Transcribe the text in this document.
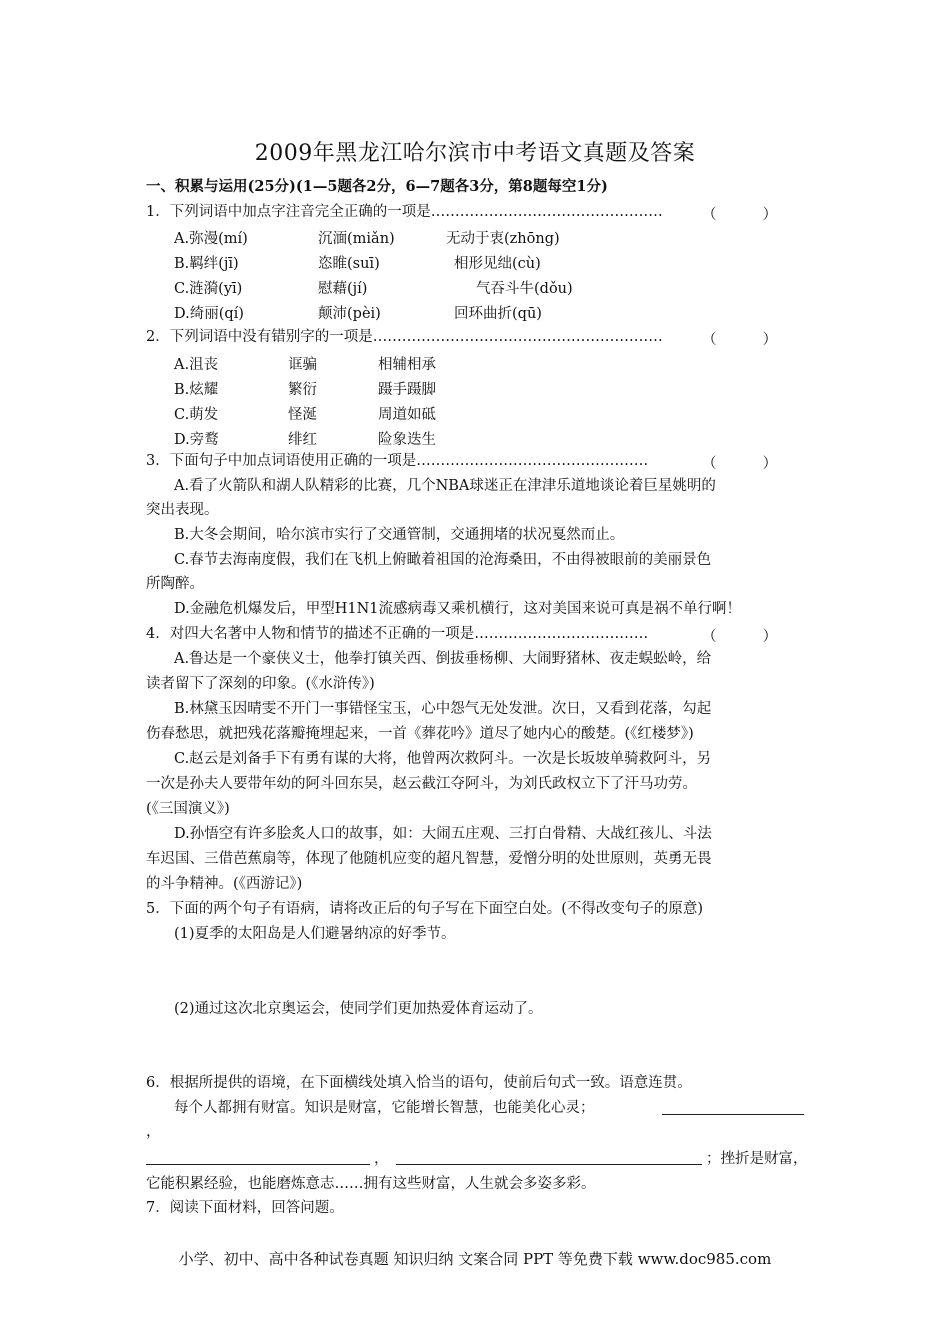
2009年黑龙江哈尔滨市中考语文真题及答案
一、积累与运用(25分)(1—5题各2分，6—7题各3分，第8题每空1分)
1．下列词语中加点字注音完全正确的一项是…………………………………………	（          ）
A.弥漫(mí)	沉湎(miǎn)	无动于衷(zhōng)
B.羁绊(jī)	恣睢(suī)	相形见绌(cù)
C.涟漪(yī)	慰藉(jí)	气吞斗牛(dǒu)
D.绮丽(qí)	颠沛(pèi)	回环曲折(qū)
2．下列词语中没有错别字的一项是……………………………………………………	（          ）
A.沮丧	诓骗	相辅相承
B.炫耀	繁衍	蹑手蹑脚
C.萌发	怪涎	周道如砥
D.旁鹜	绯红	险象迭生
3．下面句子中加点词语使用正确的一项是…………………………………………	（          ）
A.看了火箭队和湖人队精彩的比赛，几个NBA球迷正在津津乐道地谈论着巨星姚明的
突出表现。
B.大冬会期间，哈尔滨市实行了交通管制，交通拥堵的状况戛然而止。
C.春节去海南度假，我们在飞机上俯瞰着祖国的沧海桑田，不由得被眼前的美丽景色
所陶醉。
D.金融危机爆发后，甲型H1N1流感病毒又乘机横行，这对美国来说可真是祸不单行啊！
4．对四大名著中人物和情节的描述不正确的一项是………………………………	（          ）
A.鲁达是一个豪侠义士，他拳打镇关西、倒拔垂杨柳、大闹野猪林、夜走蜈蚣岭，给
读者留下了深刻的印象。(《水浒传》)
B.林黛玉因晴雯不开门一事错怪宝玉，心中怨气无处发泄。次日，又看到花落，勾起
伤春愁思，就把残花落瓣掩埋起来，一首《葬花吟》道尽了她内心的酸楚。(《红楼梦》)
C.赵云是刘备手下有勇有谋的大将，他曾两次救阿斗。一次是长坂坡单骑救阿斗，另
一次是孙夫人要带年幼的阿斗回东吴，赵云截江夺阿斗，为刘氏政权立下了汗马功劳。
(《三国演义》)
D.孙悟空有许多脍炙人口的故事，如：大闹五庄观、三打白骨精、大战红孩儿、斗法
车迟国、三借芭蕉扇等，体现了他随机应变的超凡智慧，爱憎分明的处世原则，英勇无畏
的斗争精神。(《西游记》)
5．下面的两个句子有语病，请将改正后的句子写在下面空白处。(不得改变句子的原意)
(1)夏季的太阳岛是人们避暑纳凉的好季节。
(2)通过这次北京奥运会，使同学们更加热爱体育运动了。
6．根据所提供的语境，在下面横线处填入恰当的语句，使前后句式一致。语意连贯。
每个人都拥有财富。知识是财富，它能增长智慧，也能美化心灵；
，
，	；挫折是财富，
它能积累经验，也能磨炼意志……拥有这些财富，人生就会多姿多彩。
7．阅读下面材料，回答问题。
小学、初中、高中各种试卷真题 知识归纳 文案合同 PPT 等免费下载 www.doc985.com
